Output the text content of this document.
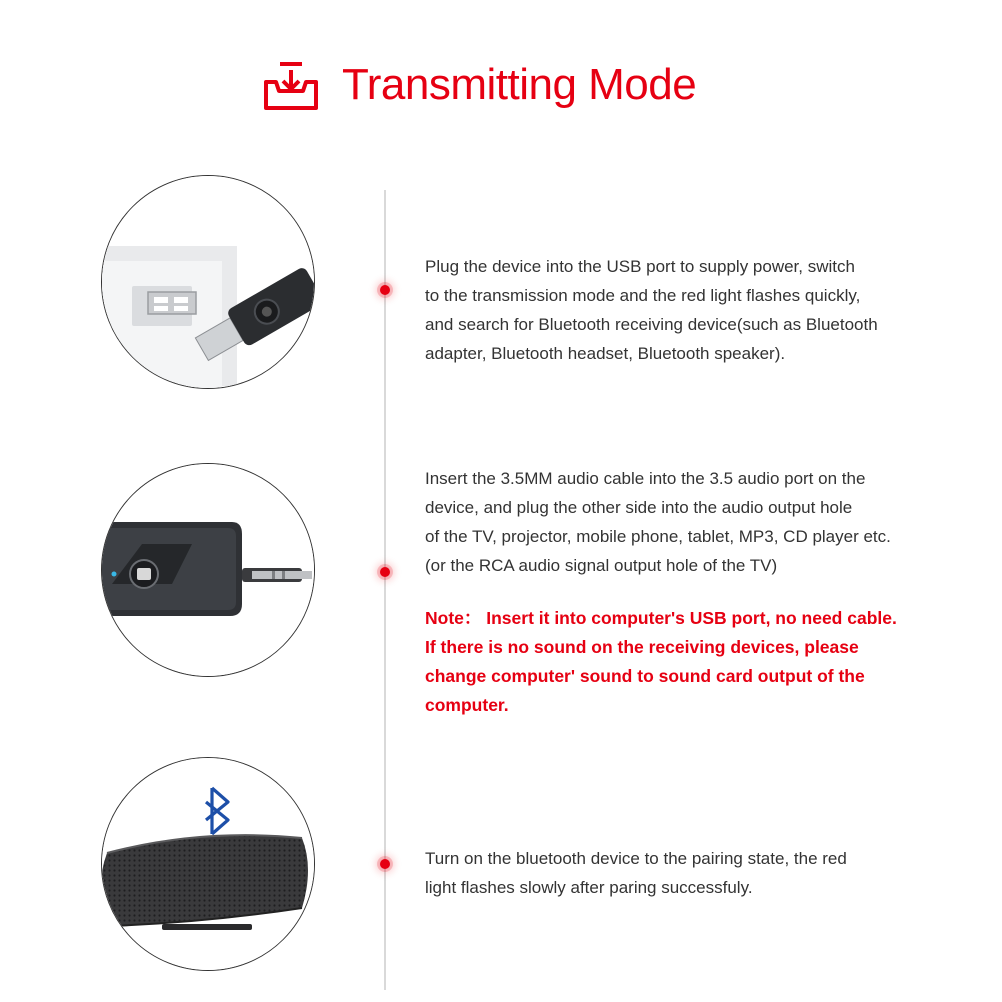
Transmitting Mode
Plug the device into the USB port to supply power, switch
to the transmission mode and the red light flashes quickly,
and search for Bluetooth receiving device(such as Bluetooth
adapter, Bluetooth headset, Bluetooth speaker).
Insert the 3.5MM audio cable into the 3.5 audio port on the
device, and plug the other side into the audio output hole
of the TV, projector, mobile phone, tablet, MP3, CD player etc.
(or the RCA audio signal output hole of the TV)
Note： Insert it into computer's USB port, no need cable.
If there is no sound on the receiving devices, please
change computer' sound to sound card output of the
computer.
Turn on the bluetooth device to the pairing state, the red
light flashes slowly after paring successfuly.
